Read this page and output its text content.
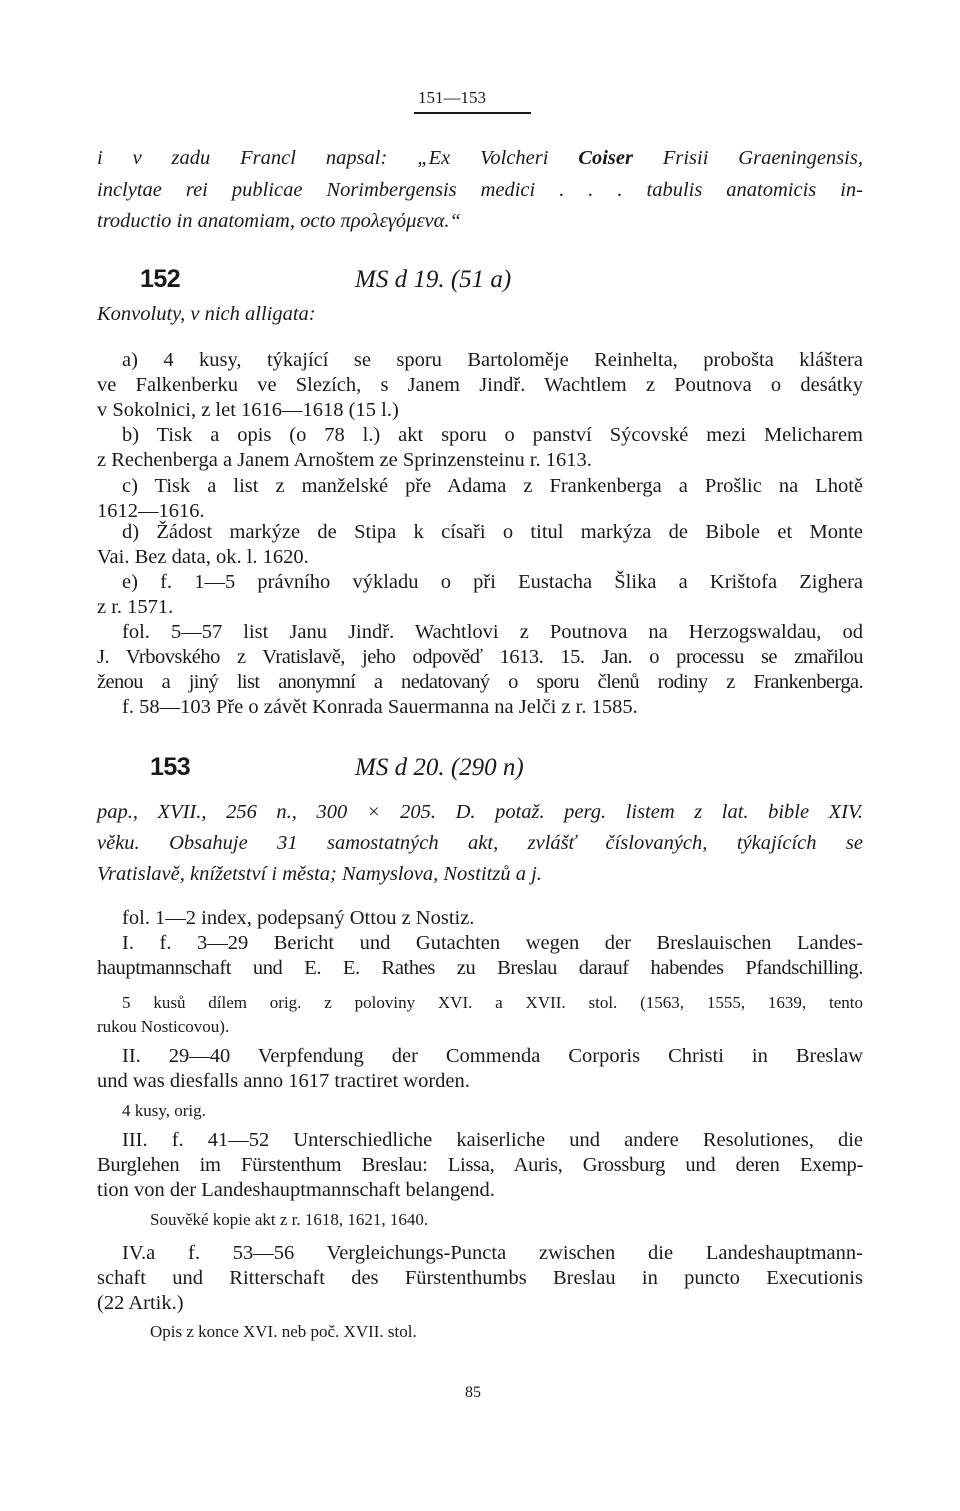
151—153
i v zadu Francl napsal: „Ex Volcheri Coiser Frisii Graeningensis,
inclytae rei publicae Norimbergensis medici . . . tabulis anatomicis in-
troductio in anatomiam, octo προλεγόμενα.“
152	MS d 19. (51 a)
Konvoluty, v nich alligata:
a) 4 kusy, týkající se sporu Bartoloměje Reinhelta, probošta kláštera
ve Falkenberku ve Slezích, s Janem Jindř. Wachtlem z Poutnova o desátky
v Sokolnici, z let 1616—1618 (15 l.)
b) Tisk a opis (o 78 l.) akt sporu o panství Sýcovské mezi Melicharem
z Rechenberga a Janem Arnoštem ze Sprinzensteinu r. 1613.
c) Tisk a list z manželské pře Adama z Frankenberga a Prošlic na Lhotě
1612—1616.
d) Žádost markýze de Stipa k císaři o titul markýza de Bibole et Monte
Vai. Bez data, ok. l. 1620.
e) f. 1—5 právního výkladu o při Eustacha Šlika a Krištofa Zighera
z r. 1571.
fol. 5—57 list Janu Jindř. Wachtlovi z Poutnova na Herzogswaldau, od
J. Vrbovského z Vratislavě, jeho odpověď 1613. 15. Jan. o processu se zmařilou
ženou a jiný list anonymní a nedatovaný o sporu členů rodiny z Frankenberga.
f. 58—103 Pře o závět Konrada Sauermanna na Jelči z r. 1585.
153	MS d 20. (290 n)
pap., XVII., 256 n., 300 × 205. D. potaž. perg. listem z lat. bible XIV.
věku. Obsahuje 31 samostatných akt, zvlášť číslovaných, týkajících se
Vratislavě, knížetství i města; Namyslova, Nostitzů a j.
fol. 1—2 index, podepsaný Ottou z Nostiz.
I. f. 3—29 Bericht und Gutachten wegen der Breslauischen Landes-
hauptmannschaft und E. E. Rathes zu Breslau darauf habendes Pfandschilling.
5 kusů dílem orig. z poloviny XVI. a XVII. stol. (1563, 1555, 1639, tento
rukou Nosticovou).
II. 29—40 Verpfendung der Commenda Corporis Christi in Breslaw
und was diesfalls anno 1617 tractiret worden.
4 kusy, orig.
III. f. 41—52 Unterschiedliche kaiserliche und andere Resolutiones, die
Burglehen im Fürstenthum Breslau: Lissa, Auris, Grossburg und deren Exemp-
tion von der Landeshauptmannschaft belangend.
Souvěké kopie akt z r. 1618, 1621, 1640.
IV.a f. 53—56 Vergleichungs-Puncta zwischen die Landeshauptmann-
schaft und Ritterschaft des Fürstenthumbs Breslau in puncto Executionis
(22 Artik.)
Opis z konce XVI. neb poč. XVII. stol.
85
